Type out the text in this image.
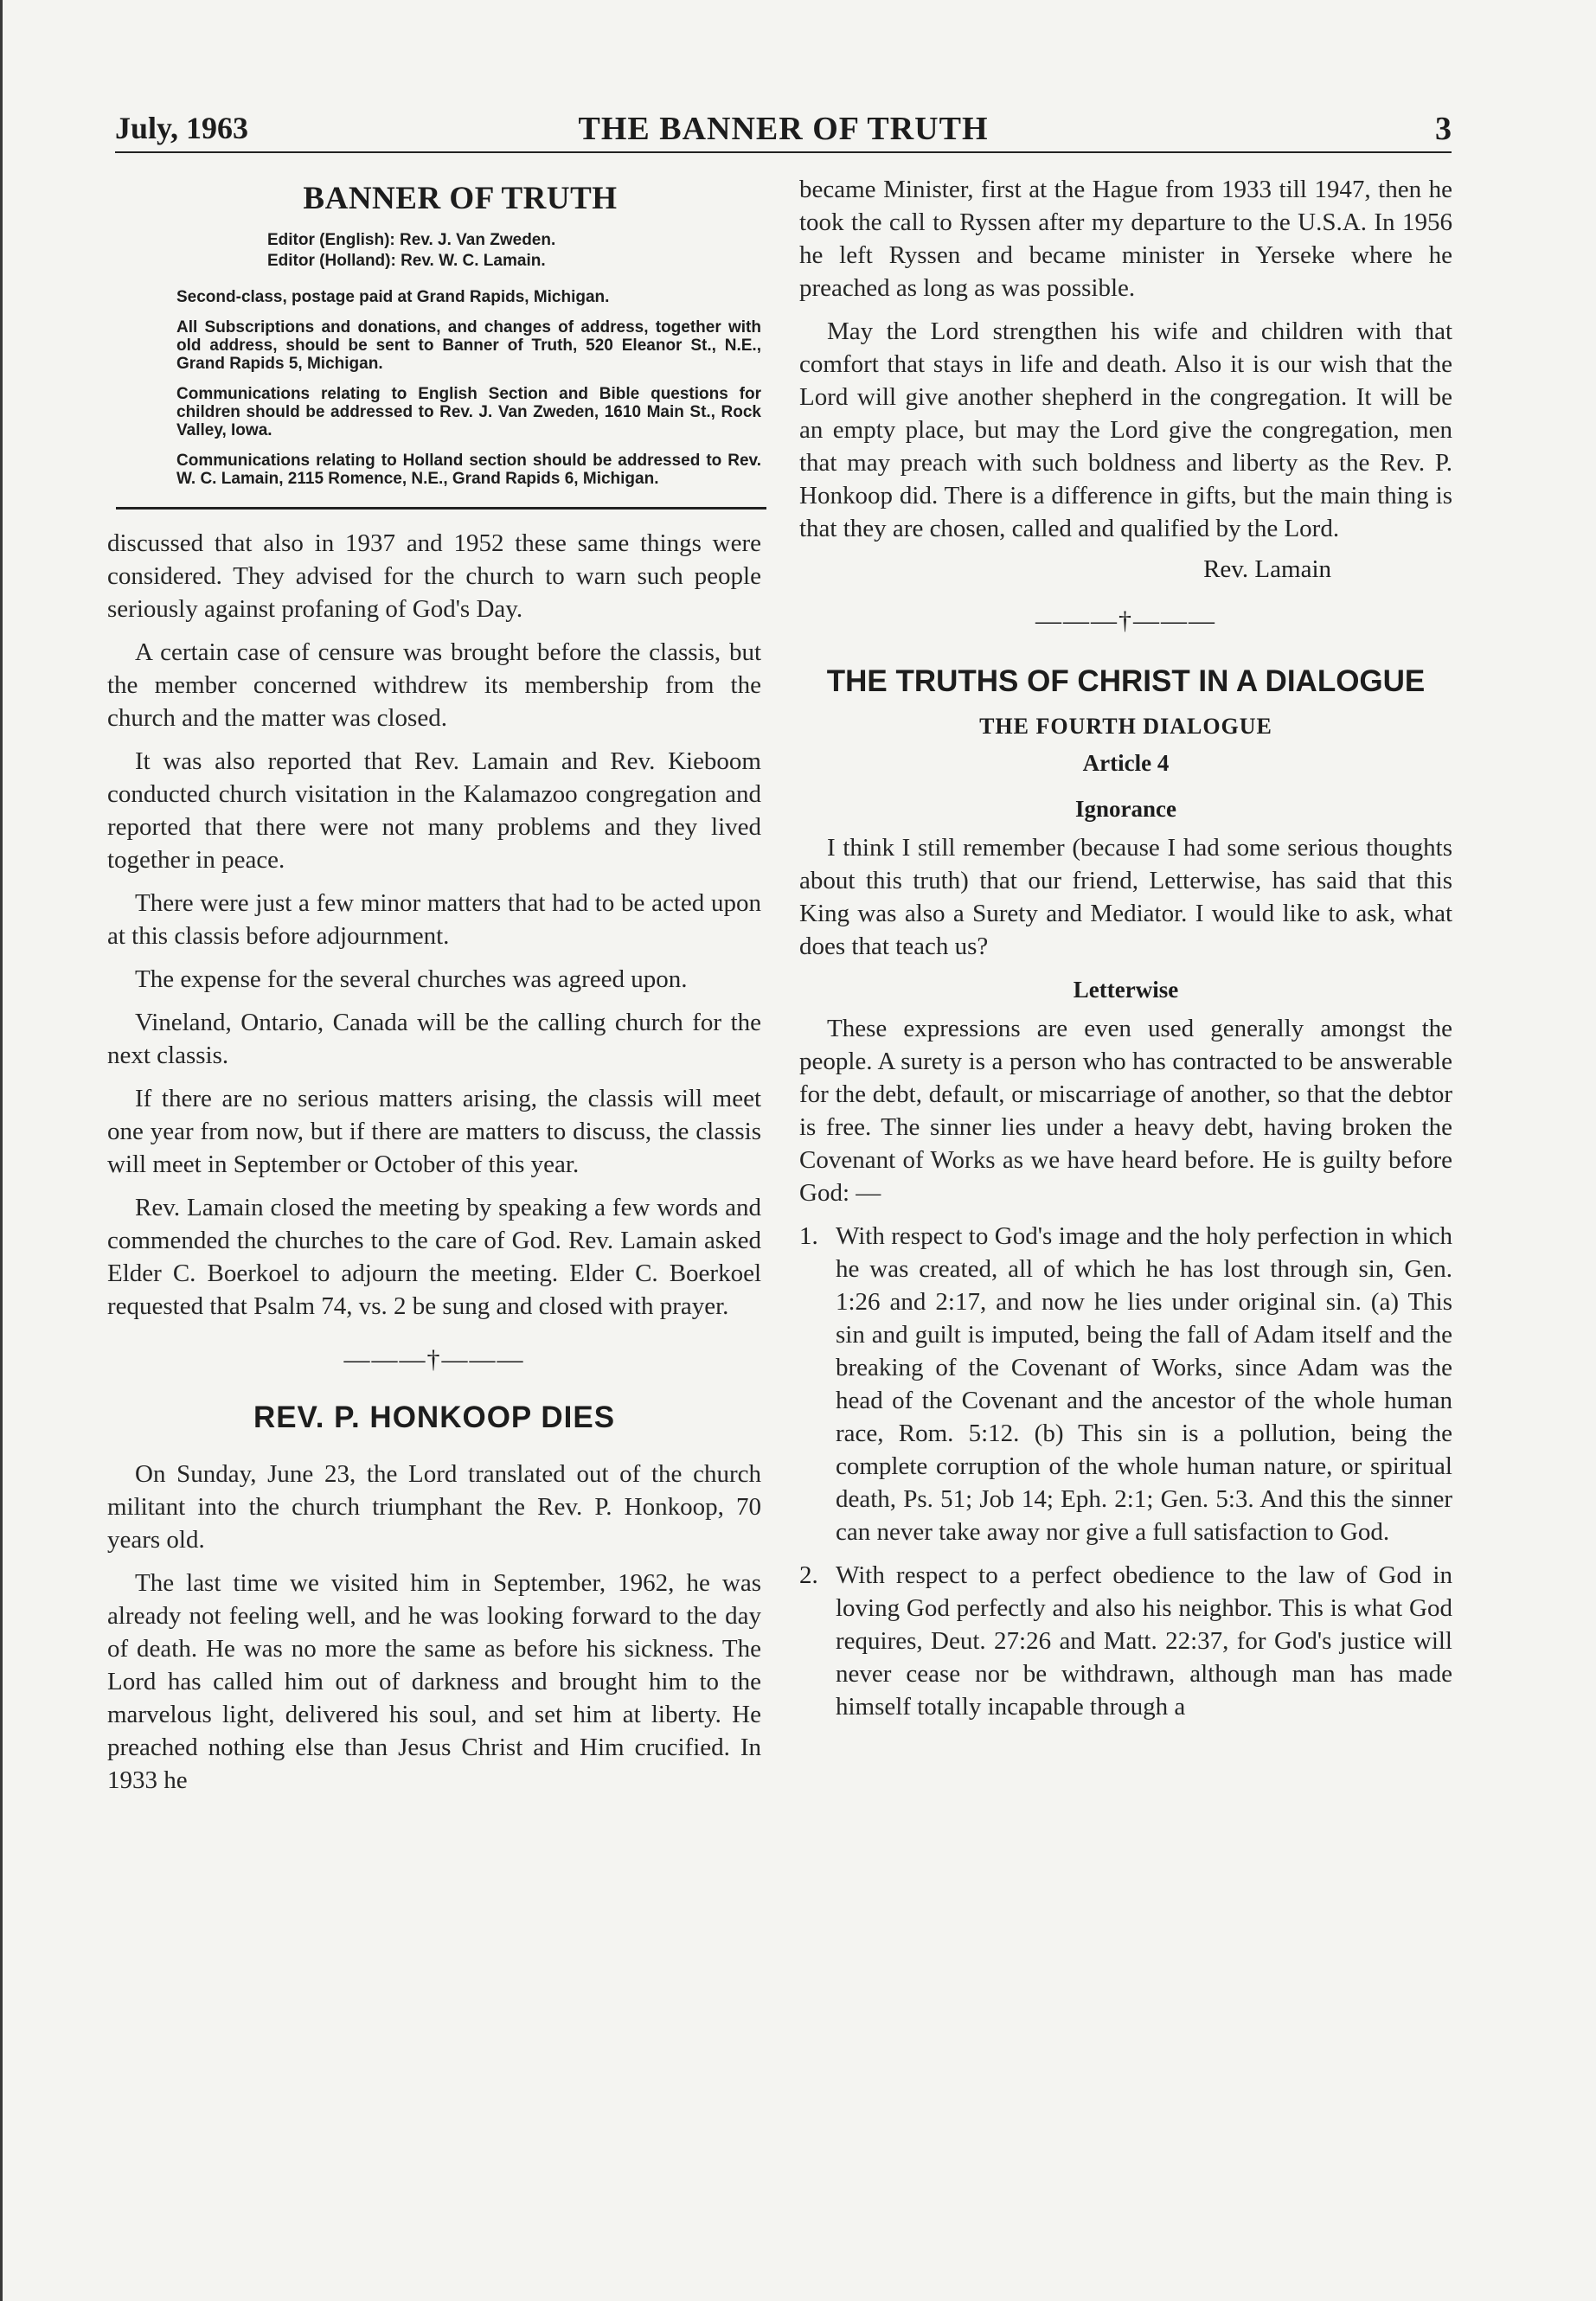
July, 1963	THE BANNER OF TRUTH	3
BANNER OF TRUTH
Editor (English): Rev. J. Van Zweden.
Editor (Holland): Rev. W. C. Lamain.
Second-class, postage paid at Grand Rapids, Michigan.
All Subscriptions and donations, and changes of address, together with old address, should be sent to Banner of Truth, 520 Eleanor St., N.E., Grand Rapids 5, Michigan.
Communications relating to English Section and Bible questions for children should be addressed to Rev. J. Van Zweden, 1610 Main St., Rock Valley, Iowa.
Communications relating to Holland section should be addressed to Rev. W. C. Lamain, 2115 Romence, N.E., Grand Rapids 6, Michigan.

discussed that also in 1937 and 1952 these same things were considered. They advised for the church to warn such people seriously against profaning of God's Day.

A certain case of censure was brought before the classis, but the member concerned withdrew its membership from the church and the matter was closed.

It was also reported that Rev. Lamain and Rev. Kieboom conducted church visitation in the Kalamazoo congregation and reported that there were not many problems and they lived together in peace.

There were just a few minor matters that had to be acted upon at this classis before adjournment.

The expense for the several churches was agreed upon.

Vineland, Ontario, Canada will be the calling church for the next classis.

If there are no serious matters arising, the classis will meet one year from now, but if there are matters to discuss, the classis will meet in September or October of this year.

Rev. Lamain closed the meeting by speaking a few words and commended the churches to the care of God. Rev. Lamain asked Elder C. Boerkoel to adjourn the meeting. Elder C. Boerkoel requested that Psalm 74, vs. 2 be sung and closed with prayer.

———†———
REV. P. HONKOOP DIES

On Sunday, June 23, the Lord translated out of the church militant into the church triumphant the Rev. P. Honkoop, 70 years old.

The last time we visited him in September, 1962, he was already not feeling well, and he was looking forward to the day of death. He was no more the same as before his sickness. The Lord has called him out of darkness and brought him to the marvelous light, delivered his soul, and set him at liberty. He preached nothing else than Jesus Christ and Him crucified. In 1933 he

became Minister, first at the Hague from 1933 till 1947, then he took the call to Ryssen after my departure to the U.S.A. In 1956 he left Ryssen and became minister in Yerseke where he preached as long as was possible.

May the Lord strengthen his wife and children with that comfort that stays in life and death. Also it is our wish that the Lord will give another shepherd in the congregation. It will be an empty place, but may the Lord give the congregation, men that may preach with such boldness and liberty as the Rev. P. Honkoop did. There is a difference in gifts, but the main thing is that they are chosen, called and qualified by the Lord.

Rev. Lamain
———†———
THE TRUTHS OF CHRIST IN A DIALOGUE
THE FOURTH DIALOGUE
Article 4
Ignorance

I think I still remember (because I had some serious thoughts about this truth) that our friend, Letterwise, has said that this King was also a Surety and Mediator. I would like to ask, what does that teach us?

Letterwise

These expressions are even used generally amongst the people. A surety is a person who has contracted to be answerable for the debt, default, or miscarriage of another, so that the debtor is free. The sinner lies under a heavy debt, having broken the Covenant of Works as we have heard before. He is guilty before God: —

1. With respect to God's image and the holy perfection in which he was created, all of which he has lost through sin, Gen. 1:26 and 2:17, and now he lies under original sin. (a) This sin and guilt is imputed, being the fall of Adam itself and the breaking of the Covenant of Works, since Adam was the head of the Covenant and the ancestor of the whole human race, Rom. 5:12. (b) This sin is a pollution, being the complete corruption of the whole human nature, or spiritual death, Ps. 51; Job 14; Eph. 2:1; Gen. 5:3. And this the sinner can never take away nor give a full satisfaction to God.

2. With respect to a perfect obedience to the law of God in loving God perfectly and also his neighbor. This is what God requires, Deut. 27:26 and Matt. 22:37, for God's justice will never cease nor be withdrawn, although man has made himself totally incapable through a
